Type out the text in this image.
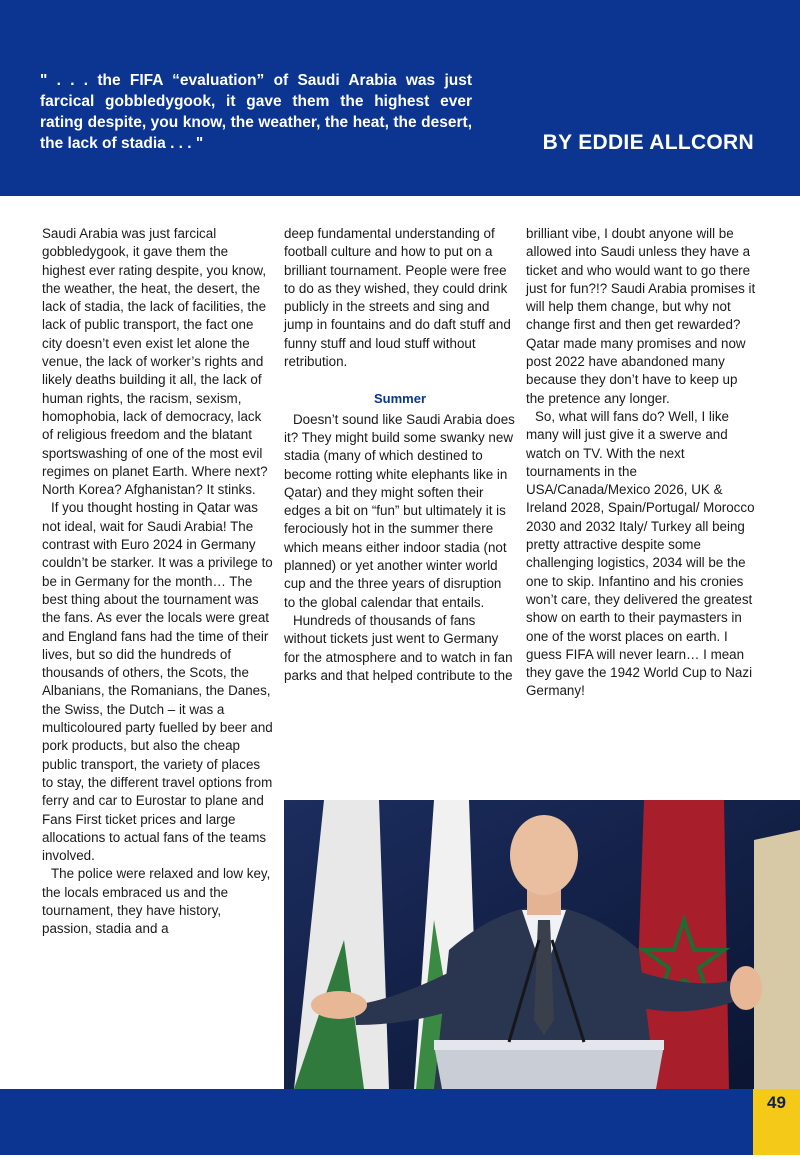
" . . . the FIFA “evaluation” of Saudi Arabia was just farcical gobbledygook, it gave them the highest ever rating despite, you know, the weather, the heat, the desert, the lack of stadia . . . "	BY EDDIE ALLCORN

Saudi Arabia was just farcical gobbledygook, it gave them the highest ever rating despite, you know, the weather, the heat, the desert, the lack of stadia, the lack of facilities, the lack of public transport, the fact one city doesn’t even exist let alone the venue, the lack of worker’s rights and likely deaths building it all, the lack of human rights, the racism, sexism, homophobia, lack of democracy, lack of religious freedom and the blatant sportswashing of one of the most evil regimes on planet Earth. Where next? North Korea? Afghanistan? It stinks.

If you thought hosting in Qatar was not ideal, wait for Saudi Arabia! The contrast with Euro 2024 in Germany couldn’t be starker. It was a privilege to be in Germany for the month… The best thing about the tournament was the fans. As ever the locals were great and England fans had the time of their lives, but so did the hundreds of thousands of others, the Scots, the Albanians, the Romanians, the Danes, the Swiss, the Dutch – it was a multicoloured party fuelled by beer and pork products, but also the cheap public transport, the variety of places to stay, the different travel options from ferry and car to Eurostar to plane and Fans First ticket prices and large allocations to actual fans of the teams involved.

The police were relaxed and low key, the locals embraced us and the tournament, they have history, passion, stadia and a

deep fundamental understanding of football culture and how to put on a brilliant tournament. People were free to do as they wished, they could drink publicly in the streets and sing and jump in fountains and do daft stuff and funny stuff and loud stuff without retribution.

Summer

Doesn’t sound like Saudi Arabia does it? They might build some swanky new stadia (many of which destined to become rotting white elephants like in Qatar) and they might soften their edges a bit on “fun” but ultimately it is ferociously hot in the summer there which means either indoor stadia (not planned) or yet another winter world cup and the three years of disruption to the global calendar that entails.

Hundreds of thousands of fans without tickets just went to Germany for the atmosphere and to watch in fan parks and that helped contribute to the

brilliant vibe, I doubt anyone will be allowed into Saudi unless they have a ticket and who would want to go there just for fun?!? Saudi Arabia promises it will help them change, but why not change first and then get rewarded? Qatar made many promises and now post 2022 have abandoned many because they don’t have to keep up the pretence any longer.

So, what will fans do? Well, I like many will just give it a swerve and watch on TV. With the next tournaments in the USA/Canada/Mexico 2026, UK & Ireland 2028, Spain/Portugal/ Morocco 2030 and 2032 Italy/ Turkey all being pretty attractive despite some challenging logistics, 2034 will be the one to skip. Infantino and his cronies won’t care, they delivered the greatest show on earth to their paymasters in one of the worst places on earth. I guess FIFA will never learn… I mean they gave the 1942 World Cup to Nazi Germany!

49
